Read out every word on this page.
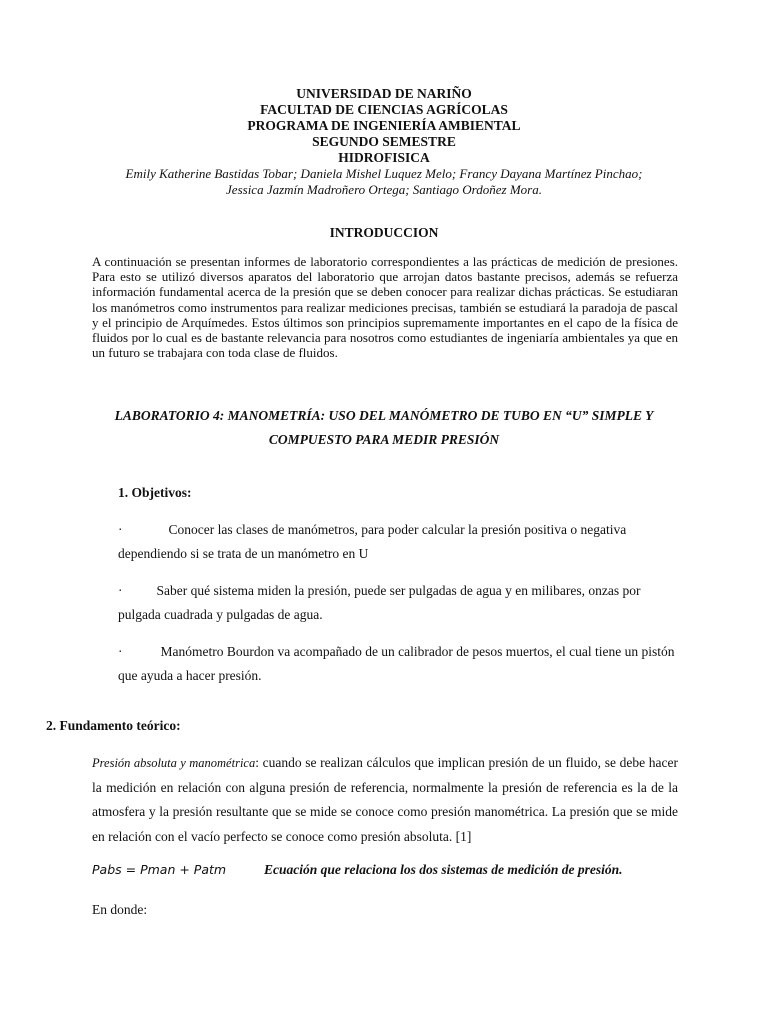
UNIVERSIDAD DE NARIÑO
FACULTAD DE CIENCIAS AGRÍCOLAS
PROGRAMA DE INGENIERÍA AMBIENTAL
SEGUNDO SEMESTRE
HIDROFISICA
Emily Katherine Bastidas Tobar; Daniela Mishel Luquez Melo; Francy Dayana Martínez Pinchao;
Jessica Jazmín Madroñero Ortega; Santiago Ordoñez Mora.
INTRODUCCION

A continuación se presentan informes de laboratorio correspondientes a las prácticas de medición de presiones. Para esto se utilizó diversos aparatos del laboratorio que arrojan datos bastante precisos, además se refuerza información fundamental acerca de la presión que se deben conocer para realizar dichas prácticas. Se estudiaran los manómetros como instrumentos para realizar mediciones precisas, también se estudiará la paradoja de pascal y el principio de Arquímedes. Estos últimos son principios supremamente importantes en el capo de la física de fluidos por lo cual es de bastante relevancia para nosotros como estudiantes de ingeniaría ambientales ya que en un futuro se trabajara con toda clase de fluidos.

LABORATORIO 4: MANOMETRÍA: USO DEL MANÓMETRO DE TUBO EN “U” SIMPLE Y
COMPUESTO PARA MEDIR PRESIÓN
1. Objetivos:
·	Conocer las clases de manómetros, para poder calcular la presión positiva o negativa dependiendo si se trata de un manómetro en U
·	Saber qué sistema miden la presión, puede ser pulgadas de agua y en milibares, onzas por pulgada cuadrada y pulgadas de agua.
·	Manómetro Bourdon va acompañado de un calibrador de pesos muertos, el cual tiene un pistón que ayuda a hacer presión.
2. Fundamento teórico:

Presión absoluta y manométrica: cuando se realizan cálculos que implican presión de un fluido, se debe hacer la medición en relación con alguna presión de referencia, normalmente la presión de referencia es la de la atmosfera y la presión resultante que se mide se conoce como presión manométrica. La presión que se mide en relación con el vacío perfecto se conoce como presión absoluta. [1]

Pabs = Pman + Patm	Ecuación que relaciona los dos sistemas de medición de presión.
En donde:
